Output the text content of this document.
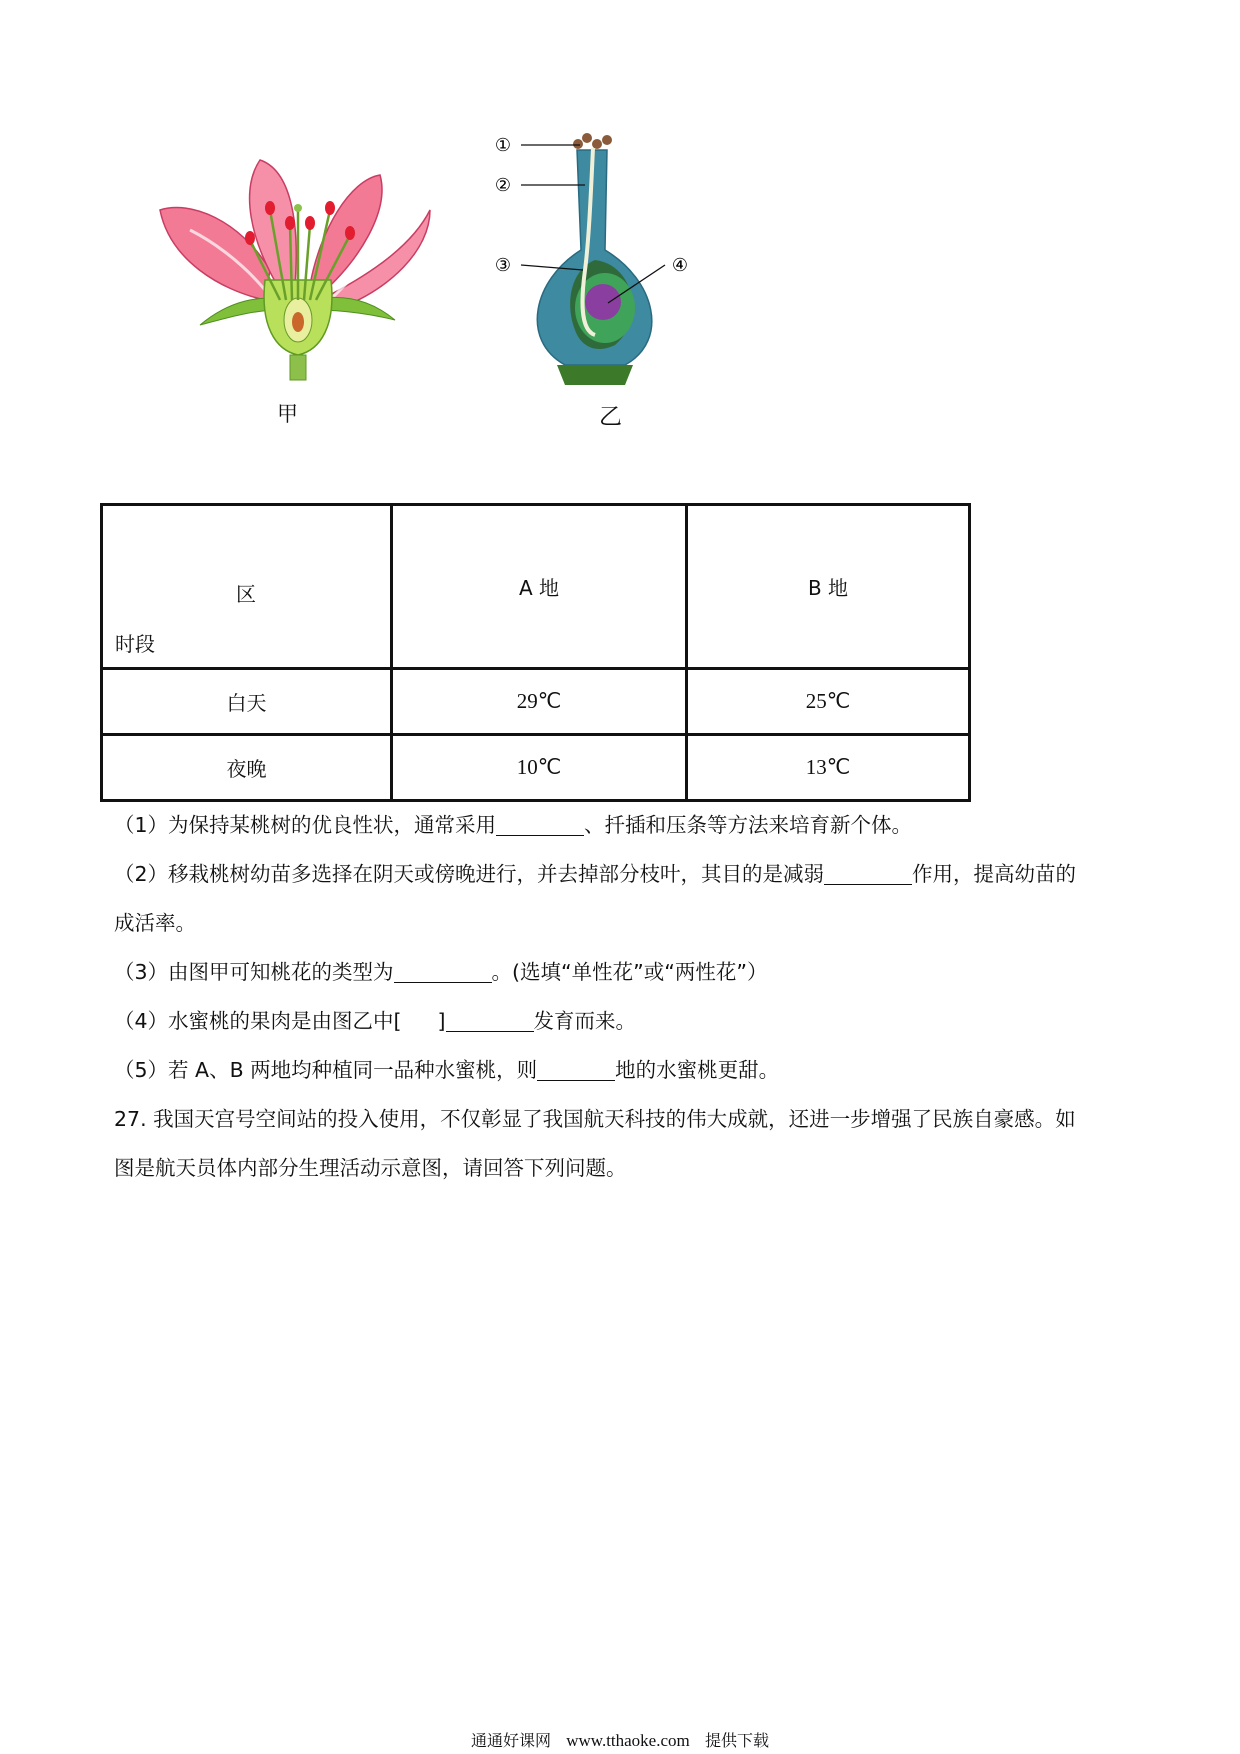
甲
①
②
③	④
乙
区
时段	A 地	B 地
白天	29℃	25℃
夜晚	10℃	13℃
（1）为保持某桃树的优良性状，通常采用	、扦插和压条等方法来培育新个体。
（2）移栽桃树幼苗多选择在阴天或傍晚进行，并去掉部分枝叶，其目的是减弱	作用，提高幼苗的
成活率。
（3）由图甲可知桃花的类型为	。(选填“单性花”或“两性花”）
（4）水蜜桃的果肉是由图乙中[ ]	发育而来。
（5）若 A、B 两地均种植同一品种水蜜桃，则	地的水蜜桃更甜。
27. 我国天宫号空间站的投入使用，不仅彰显了我国航天科技的伟大成就，还进一步增强了民族自豪感。如
图是航天员体内部分生理活动示意图，请回答下列问题。
通通好课网 www.tthaoke.com 提供下载
